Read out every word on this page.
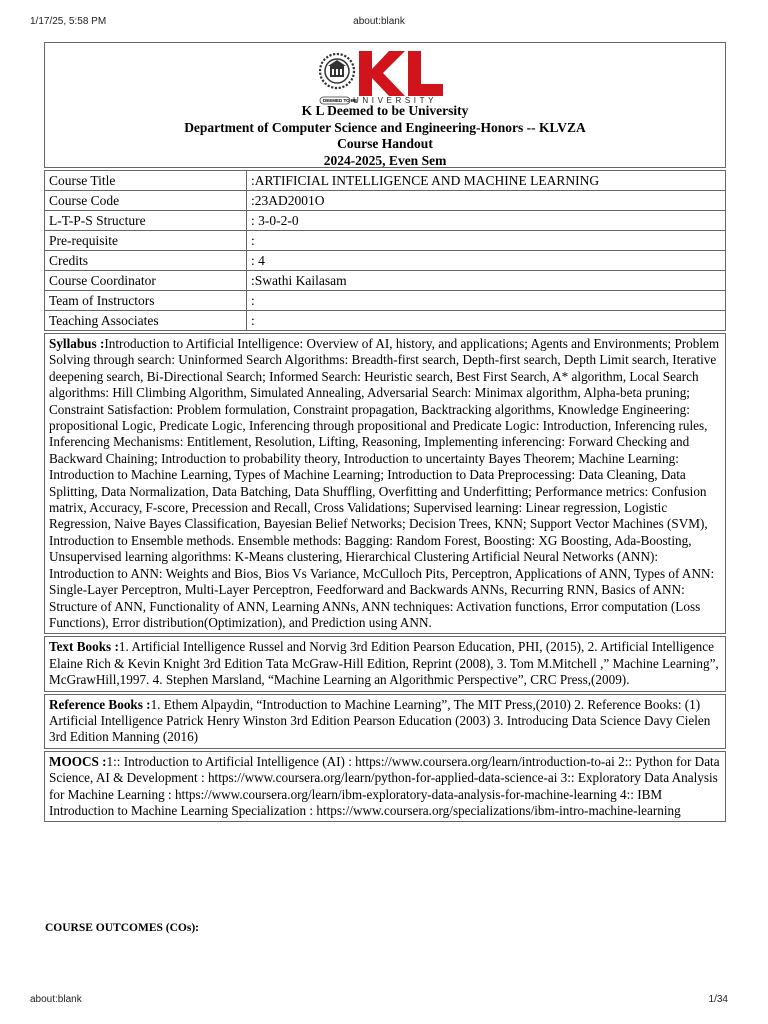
1/17/25, 5:58 PM	about:blank
DEEMED TO BE
UNIVERSITY
K L Deemed to be University
Department of Computer Science and Engineering-Honors -- KLVZA
Course Handout
2024-2025, Even Sem
Course Title	:ARTIFICIAL INTELLIGENCE AND MACHINE LEARNING
Course Code	:23AD2001O
L-T-P-S Structure	: 3-0-2-0
Pre-requisite	:
Credits	: 4
Course Coordinator	:Swathi Kailasam
Team of Instructors	:
Teaching Associates	:
Syllabus :Introduction to Artificial Intelligence: Overview of AI, history, and applications; Agents and Environments; Problem Solving through search: Uninformed Search Algorithms: Breadth-first search, Depth-first search, Depth Limit search, Iterative deepening search, Bi-Directional Search; Informed Search: Heuristic search, Best First Search, A* algorithm, Local Search algorithms: Hill Climbing Algorithm, Simulated Annealing, Adversarial Search: Minimax algorithm, Alpha-beta pruning; Constraint Satisfaction: Problem formulation, Constraint propagation, Backtracking algorithms, Knowledge Engineering: propositional Logic, Predicate Logic, Inferencing through propositional and Predicate Logic: Introduction, Inferencing rules, Inferencing Mechanisms: Entitlement, Resolution, Lifting, Reasoning, Implementing inferencing: Forward Checking and Backward Chaining; Introduction to probability theory, Introduction to uncertainty Bayes Theorem; Machine Learning: Introduction to Machine Learning, Types of Machine Learning; Introduction to Data Preprocessing: Data Cleaning, Data Splitting, Data Normalization, Data Batching, Data Shuffling, Overfitting and Underfitting; Performance metrics: Confusion matrix, Accuracy, F-score, Precession and Recall, Cross Validations; Supervised learning: Linear regression, Logistic Regression, Naive Bayes Classification, Bayesian Belief Networks; Decision Trees, KNN; Support Vector Machines (SVM), Introduction to Ensemble methods. Ensemble methods: Bagging: Random Forest, Boosting: XG Boosting, Ada-Boosting, Unsupervised learning algorithms: K-Means clustering, Hierarchical Clustering Artificial Neural Networks (ANN): Introduction to ANN: Weights and Bios, Bios Vs Variance, McCulloch Pits, Perceptron, Applications of ANN, Types of ANN: Single-Layer Perceptron, Multi-Layer Perceptron, Feedforward and Backwards ANNs, Recurring RNN, Basics of ANN: Structure of ANN, Functionality of ANN, Learning ANNs, ANN techniques: Activation functions, Error computation (Loss Functions), Error distribution(Optimization), and Prediction using ANN.
Text Books :1. Artificial Intelligence Russel and Norvig 3rd Edition Pearson Education, PHI, (2015), 2. Artificial Intelligence Elaine Rich & Kevin Knight 3rd Edition Tata McGraw-Hill Edition, Reprint (2008), 3. Tom M.Mitchell ,” Machine Learning”, McGrawHill,1997. 4. Stephen Marsland, “Machine Learning an Algorithmic Perspective”, CRC Press,(2009).
Reference Books :1. Ethem Alpaydin, “Introduction to Machine Learning”, The MIT Press,(2010) 2. Reference Books: (1) Artificial Intelligence Patrick Henry Winston 3rd Edition Pearson Education (2003) 3. Introducing Data Science Davy Cielen 3rd Edition Manning (2016)
MOOCS :1:: Introduction to Artificial Intelligence (AI) : https://www.coursera.org/learn/introduction-to-ai 2:: Python for Data Science, AI & Development : https://www.coursera.org/learn/python-for-applied-data-science-ai 3:: Exploratory Data Analysis for Machine Learning : https://www.coursera.org/learn/ibm-exploratory-data-analysis-for-machine-learning 4:: IBM Introduction to Machine Learning Specialization : https://www.coursera.org/specializations/ibm-intro-machine-learning
COURSE OUTCOMES (COs):
about:blank	1/34
